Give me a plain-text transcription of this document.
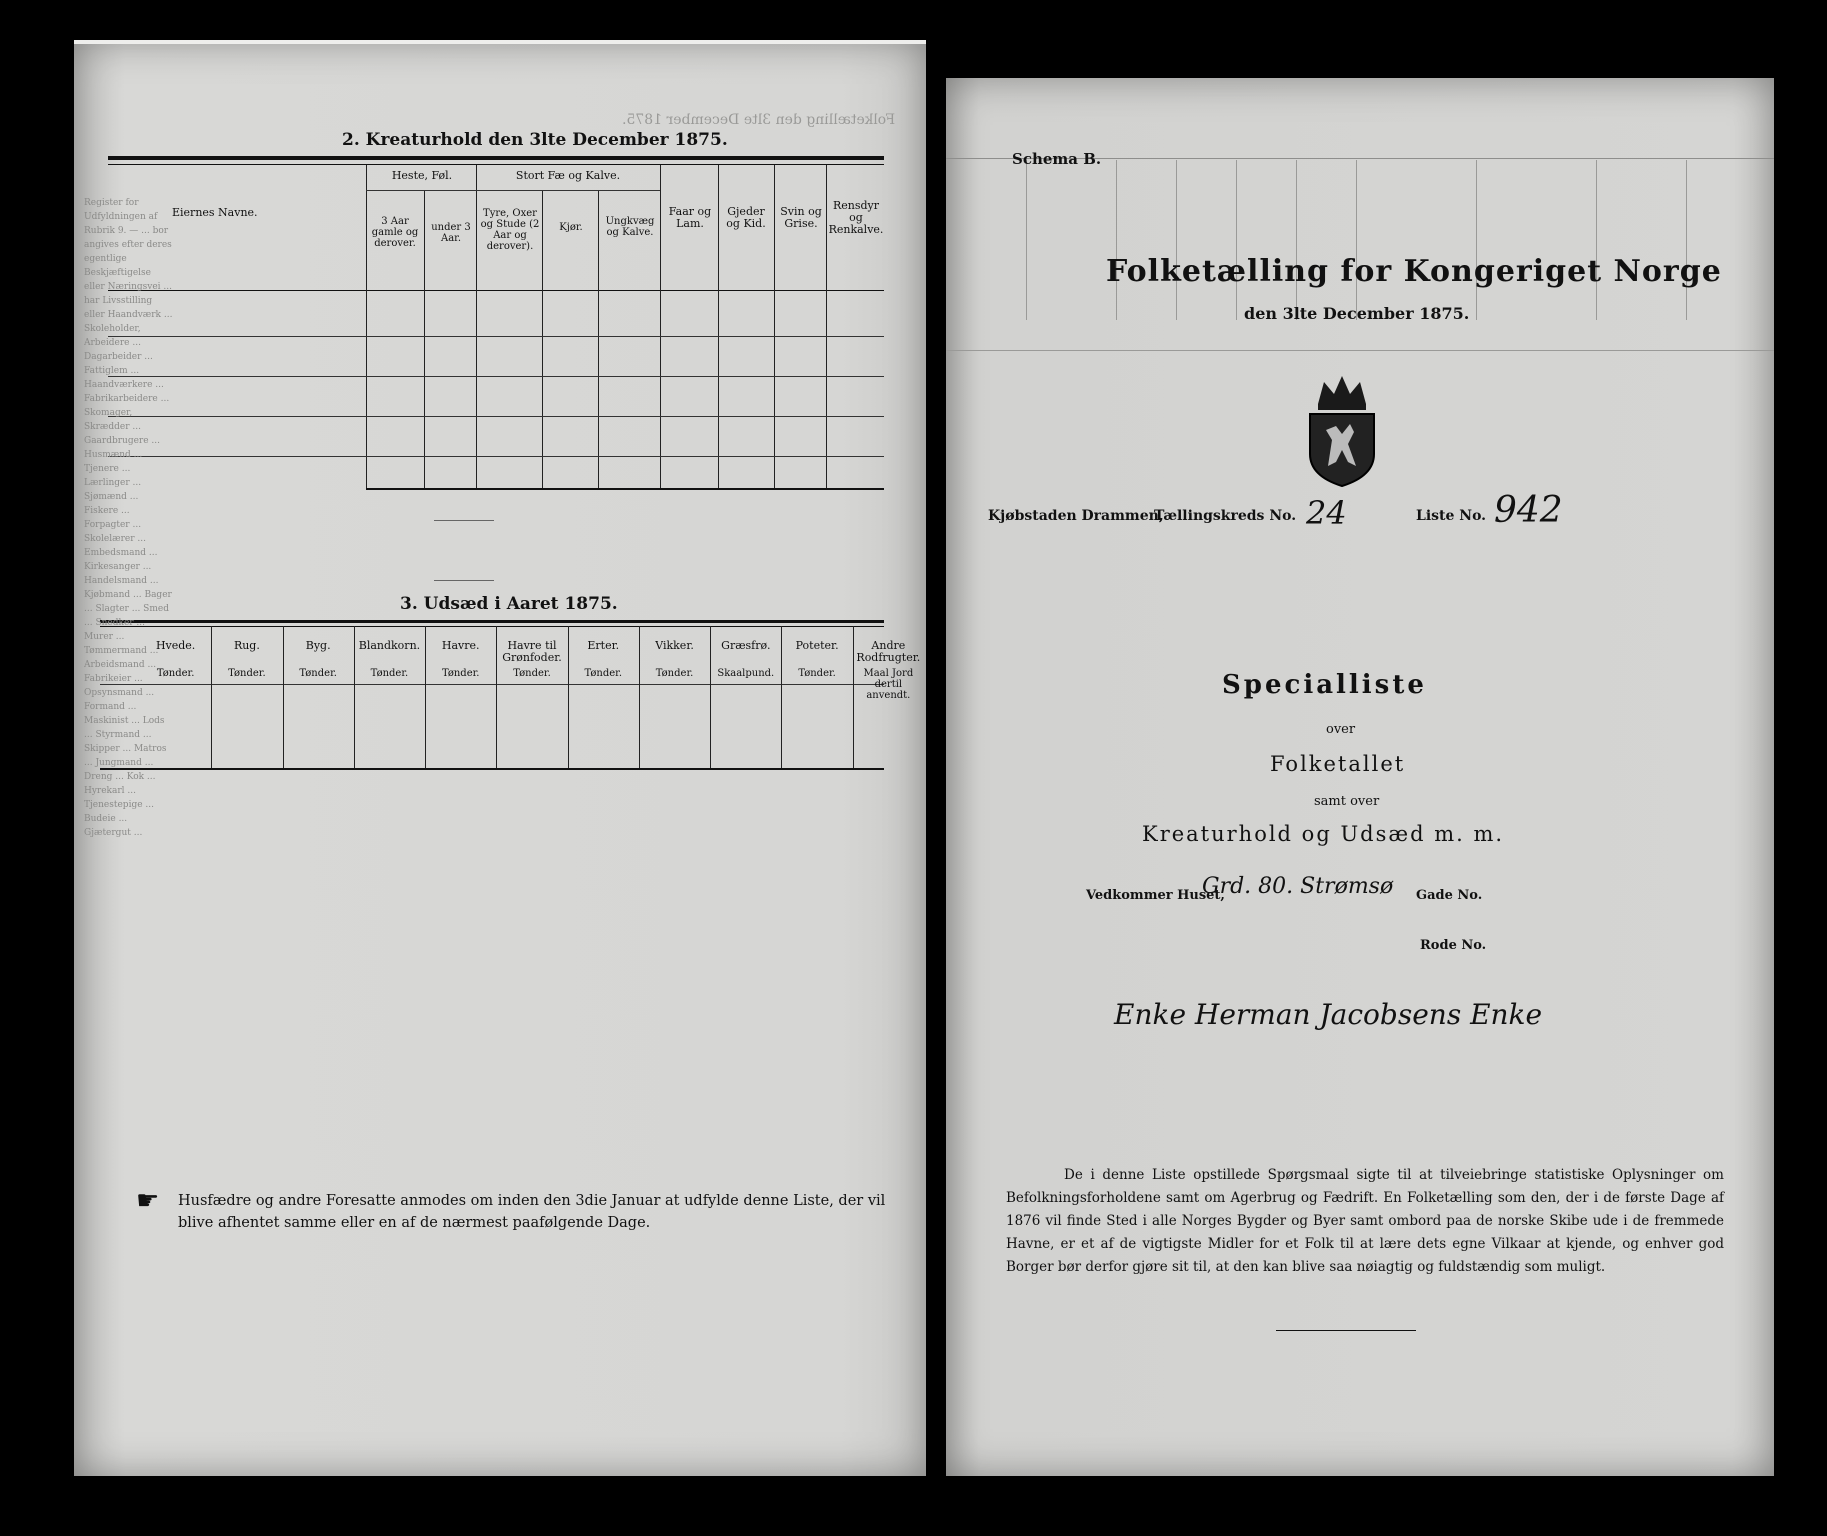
Folketælling den 3lte December 1875.
2. Kreaturhold den 3lte December 1875.
Eiernes Navne.
Heste, Føl.
3 Aar gamle og derover.
under 3 Aar.
Stort Fæ og Kalve.
Tyre, Oxer og Stude (2 Aar og derover).
Kjør.
Ungkvæg og Kalve.
Faar og Lam.
Gjeder og Kid.
Svin og Grise.
Rensdyr og Renkalve.
3. Udsæd i Aaret 1875.
Hvede.
Tønder.
Rug.
Tønder.
Byg.
Tønder.
Blandkorn.
Tønder.
Havre.
Tønder.
Havre til Grønfoder.
Tønder.
Erter.
Tønder.
Vikker.
Tønder.
Græsfrø.
Skaalpund.
Poteter.
Tønder.
Andre Rodfrugter.
Maal Jord dertil anvendt.
Register for Udfyldningen af Rubrik 9. — ... bor angives efter deres egentlige Beskjæftigelse eller Næringsvei ... har Livsstilling eller Haandværk ... Skoleholder, Arbeidere ... Dagarbeider ... Fattiglem ... Haandværkere ... Fabrikarbeidere ... Skomager, Skrædder ... Gaardbrugere ... Husmænd ... Tjenere ... Lærlinger ... Sjømænd ... Fiskere ... Forpagter ... Skolelærer ... Embedsmand ... Kirkesanger ... Handelsmand ... Kjøbmand ... Bager ... Slagter ... Smed ... Snedker ... Murer ... Tømmermand ... Arbeidsmand ... Fabrikeier ... Opsynsmand ... Formand ... Maskinist ... Lods ... Styrmand ... Skipper ... Matros ... Jungmand ... Dreng ... Kok ... Hyrekarl ... Tjenestepige ... Budeie ... Gjætergut ...
☛ Husfædre og andre Foresatte anmodes om inden den 3die Januar at udfylde denne Liste, der vil blive afhentet samme eller en af de nærmest paafølgende Dage.
Schema B.
Folketælling for Kongeriget Norge
den 3lte December 1875.
Kjøbstaden Drammen,
Tællingskreds No. 24	Liste No. 942
Specialliste
over
Folketallet
samt over
Kreaturhold og Udsæd m. m.
Vedkommer Huset,
Grd. 80. Strømsø Gade No.
Rode No.
Enke Herman Jacobsens Enke
De i denne Liste opstillede Spørgsmaal sigte til at tilveiebringe statistiske Oplysninger om Befolkningsforholdene samt om Agerbrug og Fædrift. En Folketælling som den, der i de første Dage af 1876 vil finde Sted i alle Norges Bygder og Byer samt ombord paa de norske Skibe ude i de fremmede Havne, er et af de vigtigste Midler for et Folk til at lære dets egne Vilkaar at kjende, og enhver god Borger bør derfor gjøre sit til, at den kan blive saa nøiagtig og fuldstændig som muligt.
